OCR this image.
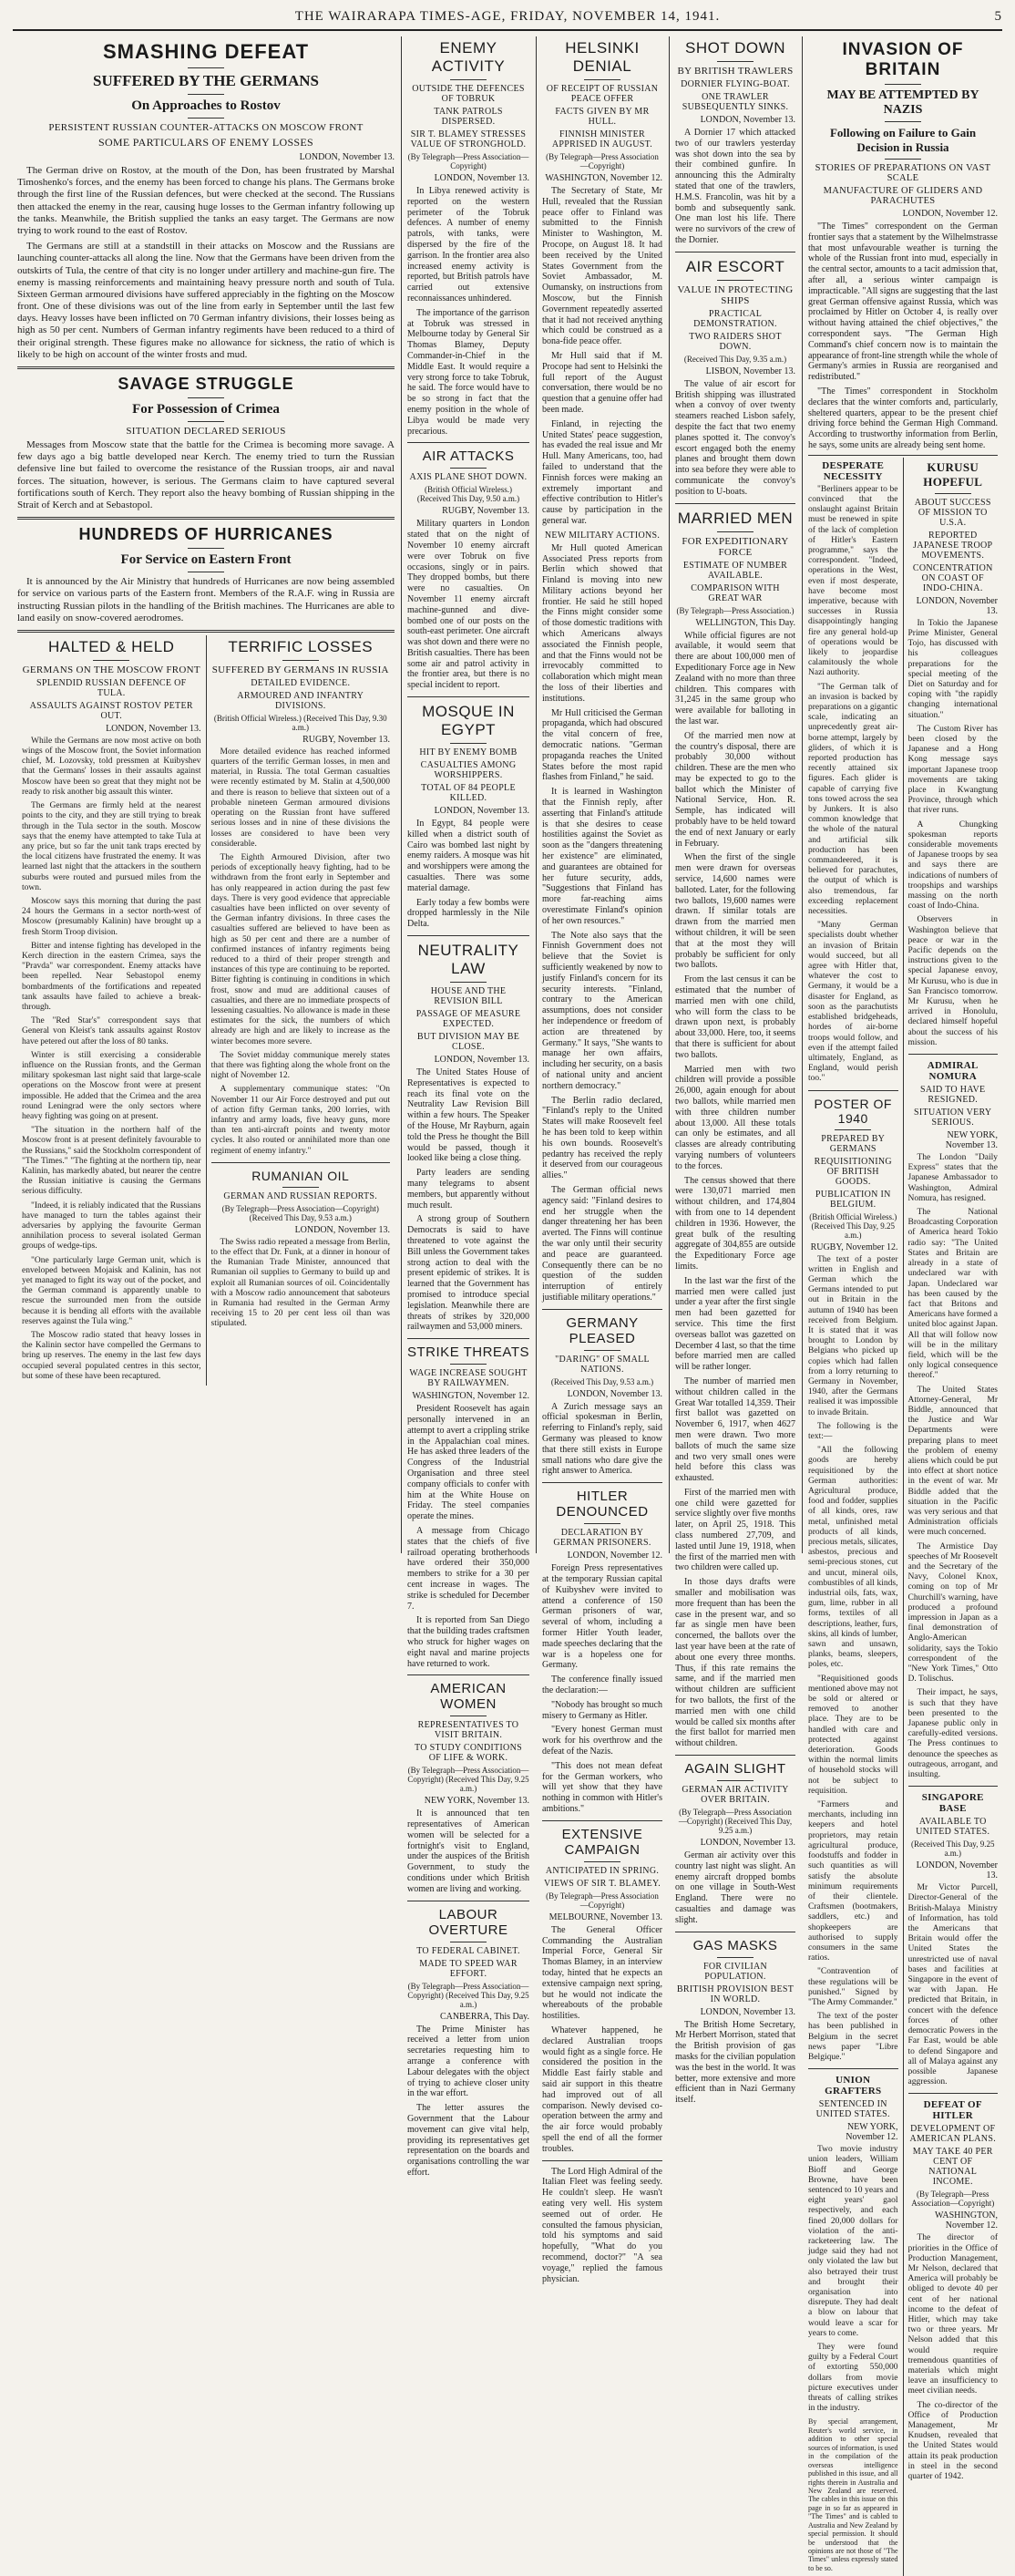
THE WAIRARAPA TIMES-AGE, FRIDAY, NOVEMBER 14, 1941.	5
SMASHING DEFEAT
SUFFERED BY THE GERMANS
On Approaches to Rostov
PERSISTENT RUSSIAN COUNTER-ATTACKS ON MOSCOW FRONT
SOME PARTICULARS OF ENEMY LOSSES
LONDON, November 13.

The German drive on Rostov, at the mouth of the Don, has been frustrated by Marshal Timoshenko's forces, and the enemy has been forced to change his plans. The Germans broke through the first line of the Russian defences, but were checked at the second. The Russians then attacked the enemy in the rear, causing huge losses to the German infantry following up the tanks. Meanwhile, the British supplied the tanks an easy target. The Germans are now trying to work round to the east of Rostov.

The Germans are still at a standstill in their attacks on Moscow and the Russians are launching counter-attacks all along the line. Now that the Germans have been driven from the outskirts of Tula, the centre of that city is no longer under artillery and machine-gun fire. The enemy is massing reinforcements and maintaining heavy pressure north and south of Tula. Sixteen German armoured divisions have suffered appreciably in the fighting on the Moscow front. One of these divisions was out of the line from early in September until the last few days. Heavy losses have been inflicted on 70 German infantry divisions, their losses being as high as 50 per cent. Numbers of German infantry regiments have been reduced to a third of their original strength. These figures make no allowance for sickness, the ratio of which is likely to be high on account of the winter frosts and mud.

SAVAGE STRUGGLE
For Possession of Crimea
SITUATION DECLARED SERIOUS

Messages from Moscow state that the battle for the Crimea is becoming more savage. A few days ago a big battle developed near Kerch. The enemy tried to turn the Russian defensive line but failed to overcome the resistance of the Russian troops, air and naval forces. The situation, however, is serious. The Germans claim to have captured several fortifications south of Kerch. They report also the heavy bombing of Russian shipping in the Strait of Kerch and at Sebastopol.

HUNDREDS OF HURRICANES
For Service on Eastern Front

It is announced by the Air Ministry that hundreds of Hurricanes are now being assembled for service on various parts of the Eastern front. Members of the R.A.F. wing in Russia are instructing Russian pilots in the handling of the British machines. The Hurricanes are able to land easily on snow-covered aerodromes.

HALTED & HELD
GERMANS ON THE MOSCOW FRONT
SPLENDID RUSSIAN DEFENCE OF TULA.
ASSAULTS AGAINST ROSTOV PETER OUT.
LONDON, November 13.

While the Germans are now most active on both wings of the Moscow front, the Soviet information chief, M. Lozovsky, told pressmen at Kuibyshev that the Germans' losses in their assaults against Moscow have been so great that they might not be ready to risk another big assault this winter.

The Germans are firmly held at the nearest points to the city, and they are still trying to break through in the Tula sector in the south. Moscow says that the enemy have attempted to take Tula at any price, but so far the unit tank traps erected by the local citizens have frustrated the enemy. It was learned last night that the attackers in the southern suburbs were routed and pursued miles from the town.

Moscow says this morning that during the past 24 hours the Germans in a sector north-west of Moscow (presumably Kalinin) have brought up a fresh Storm Troop division.

Bitter and intense fighting has developed in the Kerch direction in the eastern Crimea, says the "Pravda" war correspondent. Enemy attacks have been repelled. Near Sebastopol enemy bombardments of the fortifications and repeated tank assaults have failed to achieve a break-through.

The "Red Star's" correspondent says that General von Kleist's tank assaults against Rostov have petered out after the loss of 80 tanks.

Winter is still exercising a considerable influence on the Russian fronts, and the German military spokesman last night said that large-scale operations on the Moscow front were at present impossible. He added that the Crimea and the area round Leningrad were the only sectors where heavy fighting was going on at present.

"The situation in the northern half of the Moscow front is at present definitely favourable to the Russians," said the Stockholm correspondent of "The Times." "The fighting at the northern tip, near Kalinin, has markedly abated, but nearer the centre the Russian initiative is causing the Germans serious difficulty.

"Indeed, it is reliably indicated that the Russians have managed to turn the tables against their adversaries by applying the favourite German annihilation process to several isolated German groups of wedge-tips.

"One particularly large German unit, which is enveloped between Mojaisk and Kalinin, has not yet managed to fight its way out of the pocket, and the German command is apparently unable to rescue the surrounded men from the outside because it is bending all efforts with the available reserves against the Tula wing."

The Moscow radio stated that heavy losses in the Kalinin sector have compelled the Germans to bring up reserves. The enemy in the last few days occupied several populated centres in this sector, but some of these have been recaptured.

TERRIFIC LOSSES
SUFFERED BY GERMANS IN RUSSIA
DETAILED EVIDENCE.
ARMOURED AND INFANTRY DIVISIONS.
(British Official Wireless.) (Received This Day, 9.30 a.m.)
RUGBY, November 13.

More detailed evidence has reached informed quarters of the terrific German losses, in men and material, in Russia. The total German casualties were recently estimated by M. Stalin at 4,500,000 and there is reason to believe that sixteen out of a probable nineteen German armoured divisions operating on the Russian front have suffered serious losses and in nine of these divisions the losses are considered to have been very considerable.

The Eighth Armoured Division, after two periods of exceptionally heavy fighting, had to be withdrawn from the front early in September and has only reappeared in action during the past few days. There is very good evidence that appreciable casualties have been inflicted on over seventy of the German infantry divisions. In three cases the casualties suffered are believed to have been as high as 50 per cent and there are a number of confirmed instances of infantry regiments being reduced to a third of their proper strength and instances of this type are continuing to be reported. Bitter fighting is continuing in conditions in which frost, snow and mud are additional causes of casualties, and there are no immediate prospects of lessening casualties. No allowance is made in these estimates for the sick, the numbers of which already are high and are likely to increase as the winter becomes more severe.

The Soviet midday communique merely states that there was fighting along the whole front on the night of November 12.

A supplementary communique states: "On November 11 our Air Force destroyed and put out of action fifty German tanks, 200 lorries, with infantry and army loads, five heavy guns, more than ten anti-aircraft points and twenty motor cycles. It also routed or annihilated more than one regiment of enemy infantry."

RUMANIAN OIL
GERMAN AND RUSSIAN REPORTS.
(By Telegraph—Press Association—Copyright) (Received This Day, 9.53 a.m.)
LONDON, November 13.

The Swiss radio repeated a message from Berlin, to the effect that Dr. Funk, at a dinner in honour of the Rumanian Trade Minister, announced that Rumanian oil supplies to Germany to build up and exploit all Rumanian sources of oil. Coincidentally with a Moscow radio announcement that saboteurs in Rumania had resulted in the German Army receiving 15 to 20 per cent less oil than was stipulated.

ENEMY ACTIVITY
OUTSIDE THE DEFENCES OF TOBRUK
TANK PATROLS DISPERSED.
SIR T. BLAMEY STRESSES VALUE OF STRONGHOLD.
(By Telegraph—Press Association—Copyright)
LONDON, November 13.

In Libya renewed activity is reported on the western perimeter of the Tobruk defences. A number of enemy patrols, with tanks, were dispersed by the fire of the garrison. In the frontier area also increased enemy activity is reported, but British patrols have carried out extensive reconnaissances unhindered.

The importance of the garrison at Tobruk was stressed in Melbourne today by General Sir Thomas Blamey, Deputy Commander-in-Chief in the Middle East. It would require a very strong force to take Tobruk, he said. The force would have to be so strong in fact that the enemy position in the whole of Libya would be made very precarious.

AIR ATTACKS
AXIS PLANE SHOT DOWN.
(British Official Wireless.) (Received This Day, 9.50 a.m.)
RUGBY, November 13.

Military quarters in London stated that on the night of November 10 enemy aircraft were over Tobruk on five occasions, singly or in pairs. They dropped bombs, but there were no casualties. On November 11 enemy aircraft machine-gunned and dive-bombed one of our posts on the south-east perimeter. One aircraft was shot down and there were no British casualties. There has been some air and patrol activity in the frontier area, but there is no special incident to report.

MOSQUE IN EGYPT
HIT BY ENEMY BOMB
CASUALTIES AMONG WORSHIPPERS.
TOTAL OF 84 PEOPLE KILLED.
LONDON, November 13.

In Egypt, 84 people were killed when a district south of Cairo was bombed last night by enemy raiders. A mosque was hit and worshippers were among the casualties. There was some material damage.

Early today a few bombs were dropped harmlessly in the Nile Delta.

NEUTRALITY LAW
HOUSE AND THE REVISION BILL
PASSAGE OF MEASURE EXPECTED.
BUT DIVISION MAY BE CLOSE.
LONDON, November 13.

The United States House of Representatives is expected to reach its final vote on the Neutrality Law Revision Bill within a few hours. The Speaker of the House, Mr Rayburn, again told the Press he thought the Bill would be passed, though it looked like being a close thing.

Party leaders are sending many telegrams to absent members, but apparently without much result.

A strong group of Southern Democrats is said to have threatened to vote against the Bill unless the Government takes strong action to deal with the present epidemic of strikes. It is learned that the Government has promised to introduce special legislation. Meanwhile there are threats of strikes by 320,000 railwaymen and 53,000 miners.

STRIKE THREATS
WAGE INCREASE SOUGHT BY RAILWAYMEN.
WASHINGTON, November 12.

President Roosevelt has again personally intervened in an attempt to avert a crippling strike in the Appalachian coal mines. He has asked three leaders of the Congress of the Industrial Organisation and three steel company officials to confer with him at the White House on Friday. The steel companies operate the mines.

A message from Chicago states that the chiefs of five railroad operating brotherhoods have ordered their 350,000 members to strike for a 30 per cent increase in wages. The strike is scheduled for December 7.

It is reported from San Diego that the building trades craftsmen who struck for higher wages on eight naval and marine projects have returned to work.

AMERICAN WOMEN
REPRESENTATIVES TO VISIT BRITAIN.
TO STUDY CONDITIONS OF LIFE & WORK.
(By Telegraph—Press Association—Copyright) (Received This Day, 9.25 a.m.)
NEW YORK, November 13.

It is announced that ten representatives of American women will be selected for a fortnight's visit to England, under the auspices of the British Government, to study the conditions under which British women are living and working.

LABOUR OVERTURE
TO FEDERAL CABINET.
MADE TO SPEED WAR EFFORT.
(By Telegraph—Press Association—Copyright) (Received This Day, 9.25 a.m.)
CANBERRA, This Day.

The Prime Minister has received a letter from union secretaries requesting him to arrange a conference with Labour delegates with the object of trying to achieve closer unity in the war effort.

The letter assures the Government that the Labour movement can give vital help, providing its representatives get representation on the boards and organisations controlling the war effort.

HELSINKI DENIAL
OF RECEIPT OF RUSSIAN PEACE OFFER
FACTS GIVEN BY MR HULL.
FINNISH MINISTER APPRISED IN AUGUST.
(By Telegraph—Press Association—Copyright)
WASHINGTON, November 12.

The Secretary of State, Mr Hull, revealed that the Russian peace offer to Finland was submitted to the Finnish Minister to Washington, M. Procope, on August 18. It had been received by the United States Government from the Soviet Ambassador, M. Oumansky, on instructions from Moscow, but the Finnish Government repeatedly asserted that it had not received anything which could be construed as a bona-fide peace offer.

Mr Hull said that if M. Procope had sent to Helsinki the full report of the August conversation, there would be no question that a genuine offer had been made.

Finland, in rejecting the United States' peace suggestion, has evaded the real issue and Mr Hull. Many Americans, too, had failed to understand that the Finnish forces were making an extremely important and effective contribution to Hitler's cause by participation in the general war.

NEW MILITARY ACTIONS.

Mr Hull quoted American Associated Press reports from Berlin which showed that Finland is moving into new Military actions beyond her frontier. He said he still hoped the Finns might consider some of those domestic traditions with which Americans always associated the Finnish people, and that the Finns would not be irrevocably committed to collaboration which might mean the loss of their liberties and institutions.

Mr Hull criticised the German propaganda, which had obscured the vital concern of free, democratic nations. "German propaganda reaches the United States before the most rapid flashes from Finland," he said.

It is learned in Washington that the Finnish reply, after asserting that Finland's attitude is that she desires to cease hostilities against the Soviet as soon as the "dangers threatening her existence" are eliminated, and guarantees are obtained for her future security, adds, "Suggestions that Finland has more far-reaching aims overestimate Finland's opinion of her own resources."

The Note also says that the Finnish Government does not believe that the Soviet is sufficiently weakened by now to justify Finland's concern for its security interests. "Finland, contrary to the American assumptions, does not consider her independence or freedom of action are threatened by Germany." It says, "She wants to manage her own affairs, including her security, on a basis of national unity and ancient northern democracy."

The Berlin radio declared, "Finland's reply to the United States will make Roosevelt feel he has been told to keep within his own bounds. Roosevelt's pedantry has received the reply it deserved from our courageous allies."

The German official news agency said: "Finland desires to end her struggle when the danger threatening her has been averted. The Finns will continue the war only until their security and peace are guaranteed. Consequently there can be no question of the sudden interruption of entirely justifiable military operations."

GERMANY PLEASED
"DARING" OF SMALL NATIONS.
(Received This Day, 9.53 a.m.)
LONDON, November 13.

A Zurich message says an official spokesman in Berlin, referring to Finland's reply, said Germany was pleased to know that there still exists in Europe small nations who dare give the right answer to America.

HITLER DENOUNCED
DECLARATION BY GERMAN PRISONERS.
LONDON, November 12.

Foreign Press representatives at the temporary Russian capital of Kuibyshev were invited to attend a conference of 150 German prisoners of war, several of whom, including a former Hitler Youth leader, made speeches declaring that the war is a hopeless one for Germany.

The conference finally issued the declaration:—

"Nobody has brought so much misery to Germany as Hitler.

"Every honest German must work for his overthrow and the defeat of the Nazis.

"This does not mean defeat for the German workers, who will yet show that they have nothing in common with Hitler's ambitions."

EXTENSIVE CAMPAIGN
ANTICIPATED IN SPRING.
VIEWS OF SIR T. BLAMEY.
(By Telegraph—Press Association—Copyright)
MELBOURNE, November 13.

The General Officer Commanding the Australian Imperial Force, General Sir Thomas Blamey, in an interview today, hinted that he expects an extensive campaign next spring, but he would not indicate the whereabouts of the probable hostilities.

Whatever happened, he declared Australian troops would fight as a single force. He considered the position in the Middle East fairly stable and said air support in this theatre had improved out of all comparison. Newly devised co-operation between the army and the air force would probably spell the end of all the former troubles.

The Lord High Admiral of the Italian Fleet was feeling seedy. He couldn't sleep. He wasn't eating very well. His system seemed out of order. He consulted the famous physician, told his symptoms and said hopefully, "What do you recommend, doctor?" "A sea voyage," replied the famous physician.

SHOT DOWN
BY BRITISH TRAWLERS
DORNIER FLYING-BOAT.
ONE TRAWLER SUBSEQUENTLY SINKS.
LONDON, November 13.

A Dornier 17 which attacked two of our trawlers yesterday was shot down into the sea by their combined gunfire. In announcing this the Admiralty stated that one of the trawlers, H.M.S. Francolin, was hit by a bomb and subsequently sank. One man lost his life. There were no survivors of the crew of the Dornier.

AIR ESCORT
VALUE IN PROTECTING SHIPS
PRACTICAL DEMONSTRATION.
TWO RAIDERS SHOT DOWN.
(Received This Day, 9.35 a.m.)
LISBON, November 13.

The value of air escort for British shipping was illustrated when a convoy of over twenty steamers reached Lisbon safely, despite the fact that two enemy planes spotted it. The convoy's escort engaged both the enemy planes and brought them down into sea before they were able to communicate the convoy's position to U-boats.

MARRIED MEN
FOR EXPEDITIONARY FORCE
ESTIMATE OF NUMBER AVAILABLE.
COMPARISON WITH GREAT WAR
(By Telegraph—Press Association.)
WELLINGTON, This Day.

While official figures are not available, it would seem that there are about 100,000 men of Expeditionary Force age in New Zealand with no more than three children. This compares with 31,245 in the same group who were available for balloting in the last war.

Of the married men now at the country's disposal, there are probably 30,000 without children. These are the men who may be expected to go to the ballot which the Minister of National Service, Hon. R. Semple, has indicated will probably have to be held toward the end of next January or early in February.

When the first of the single men were drawn for overseas service, 14,600 names were balloted. Later, for the following two ballots, 19,600 names were drawn. If similar totals are drawn from the married men without children, it will be seen that at the most they will probably be sufficient for only two ballots.

From the last census it can be estimated that the number of married men with one child, who will form the class to be drawn upon next, is probably about 33,000. Here, too, it seems that there is sufficient for about two ballots.

Married men with two children will provide a possible 26,000, again enough for about two ballots, while married men with three children number about 13,000. All these totals can only be estimates, and all classes are already contributing varying numbers of volunteers to the forces.

The census showed that there were 130,071 married men without children, and 174,804 with from one to 14 dependent children in 1936. However, the great bulk of the resulting aggregate of 304,855 are outside the Expeditionary Force age limits.

In the last war the first of the married men were called just under a year after the first single men had been gazetted for service. This time the first overseas ballot was gazetted on December 4 last, so that the time before married men are called will be rather longer.

The number of married men without children called in the Great War totalled 14,359. Their first ballot was gazetted on November 6, 1917, when 4627 men were drawn. Two more ballots of much the same size and two very small ones were held before this class was exhausted.

First of the married men with one child were gazetted for service slightly over five months later, on April 25, 1918. This class numbered 27,709, and lasted until June 19, 1918, when the first of the married men with two children were called up.

In those days drafts were smaller and mobilisation was more frequent than has been the case in the present war, and so far as single men have been concerned, the ballots over the last year have been at the rate of about one every three months. Thus, if this rate remains the same, and if the married men without children are sufficient for two ballots, the first of the married men with one child would be called six months after the first ballot for married men without children.

AGAIN SLIGHT
GERMAN AIR ACTIVITY OVER BRITAIN.
(By Telegraph—Press Association—Copyright) (Received This Day, 9.25 a.m.)
LONDON, November 13.

German air activity over this country last night was slight. An enemy aircraft dropped bombs on one village in South-West England. There were no casualties and damage was slight.

GAS MASKS
FOR CIVILIAN POPULATION.
BRITISH PROVISION BEST IN WORLD.
LONDON, November 13.

The British Home Secretary, Mr Herbert Morrison, stated that the British provision of gas masks for the civilian population was the best in the world. It was better, more extensive and more efficient than in Nazi Germany itself.

INVASION OF BRITAIN
MAY BE ATTEMPTED BY NAZIS
Following on Failure to Gain Decision in Russia
STORIES OF PREPARATIONS ON VAST SCALE
MANUFACTURE OF GLIDERS AND PARACHUTES
LONDON, November 12.

"The Times" correspondent on the German frontier says that a statement by the Wilhelmstrasse that most unfavourable weather is turning the whole of the Russian front into mud, especially in the central sector, amounts to a tacit admission that, after all, a serious winter campaign is impracticable. "All signs are suggesting that the last great German offensive against Russia, which was proclaimed by Hitler on October 4, is really over without having attained the chief objectives," the correspondent says. "The German High Command's chief concern now is to maintain the appearance of front-line strength while the whole of Germany's armies in Russia are reorganised and redistributed."

"The Times" correspondent in Stockholm declares that the winter comforts and, particularly, sheltered quarters, appear to be the present chief driving force behind the German High Command. According to trustworthy information from Berlin, he says, some units are already being sent home.

DESPERATE NECESSITY

"Berliners appear to be convinced that the onslaught against Britain must be renewed in spite of the lack of completion of Hitler's Eastern programme," says the correspondent. "Indeed, operations in the West, even if most desperate, have become most imperative, because with successes in Russia disappointingly hanging fire any general hold-up of operations would be likely to jeopardise calamitously the whole Nazi authority.

"The German talk of an invasion is backed by preparations on a gigantic scale, indicating an unprecedently great air-borne attempt, largely by gliders, of which it is reported production has recently attained six figures. Each glider is capable of carrying five tons towed across the sea by Junkers. It is also common knowledge that the whole of the natural and artificial silk production has been commandeered, it is believed for parachutes, the output of which is also tremendous, far exceeding replacement necessities.

"Many German specialists doubt whether an invasion of Britain would succeed, but all agree with Hitler that, whatever the cost to Germany, it would be a disaster for England, as soon as the parachutists established bridgeheads, hordes of air-borne troops would follow, and even if the attempt failed ultimately, England, as England, would perish too."

POSTER OF 1940
PREPARED BY GERMANS
REQUISITIONING OF BRITISH GOODS.
PUBLICATION IN BELGIUM.
(British Official Wireless.) (Received This Day, 9.25 a.m.)
RUGBY, November 12.

The text of a poster written in English and German which the Germans intended to put out in Britain in the autumn of 1940 has been received from Belgium. It is stated that it was brought to London by Belgians who picked up copies which had fallen from a lorry returning to Germany in November, 1940, after the Germans realised it was impossible to invade Britain.

The following is the text:—

"All the following goods are hereby requisitioned by the German authorities: Agricultural produce, food and fodder, supplies of all kinds, ores, raw metal, unfinished metal products of all kinds, precious metals, silicates, asbestos, precious and semi-precious stones, cut and uncut, mineral oils, combustibles of all kinds, industrial oils, fats, wax, gum, lime, rubber in all forms, textiles of all descriptions, leather, furs, skins, all kinds of lumber, sawn and unsawn, planks, beams, sleepers, poles, etc.

"Requisitioned goods mentioned above may not be sold or altered or removed to another place. They are to be handled with care and protected against deterioration. Goods within the normal limits of household stocks will not be subject to requisition.

"Farmers and merchants, including inn keepers and hotel proprietors, may retain agricultural produce, foodstuffs and fodder in such quantities as will satisfy the absolute minimum requirements of their clientele. Craftsmen (bootmakers, saddlers, etc.) and shopkeepers are authorised to supply consumers in the same ratios.

"Contravention of these regulations will be punished." Signed by "The Army Commander."

The text of the poster has been published in Belgium in the secret news paper "Libre Belgique."

UNION GRAFTERS
SENTENCED IN UNITED STATES.
NEW YORK, November 12.

Two movie industry union leaders, William Bioff and George Browne, have been sentenced to 10 years and eight years' gaol respectively, and each fined 20,000 dollars for violation of the anti-racketeering law. The judge said they had not only violated the law but also betrayed their trust and brought their organisation into disrepute. They had dealt a blow on labour that would leave a scar for years to come.

They were found guilty by a Federal Court of extorting 550,000 dollars from movie picture executives under threats of calling strikes in the industry.

By special arrangement, Reuter's world service, in addition to other special sources of information, is used in the compilation of the overseas intelligence published in this issue, and all rights therein in Australia and New Zealand are reserved. The cables in this issue on this page in so far as appeared in "The Times" and is cabled to Australia and New Zealand by special permission. It should be understood that the opinions are not those of "The Times" unless expressly stated to be so.

KURUSU HOPEFUL
ABOUT SUCCESS OF MISSION TO U.S.A.
REPORTED JAPANESE TROOP MOVEMENTS.
CONCENTRATION ON COAST OF INDO-CHINA.
LONDON, November 13.

In Tokio the Japanese Prime Minister, General Tojo, has discussed with his colleagues preparations for the special meeting of the Diet on Saturday and for coping with "the rapidly changing international situation."

The Custom River has been closed by the Japanese and a Hong Kong message says important Japanese troop movements are taking place in Kwangtung Province, through which that river runs.

A Chungking spokesman reports considerable movements of Japanese troops by sea and says there are indications of numbers of troopships and warships massing on the north coast of Indo-China.

Observers in Washington believe that peace or war in the Pacific depends on the instructions given to the special Japanese envoy, Mr Kurusu, who is due in San Francisco tomorrow. Mr Kurusu, when he arrived in Honolulu, declared himself hopeful about the success of his mission.

ADMIRAL NOMURA
SAID TO HAVE RESIGNED.
SITUATION VERY SERIOUS.
NEW YORK, November 13.

The London "Daily Express" states that the Japanese Ambassador to Washington, Admiral Nomura, has resigned.

The National Broadcasting Corporation of America heard Tokio radio say: "The United States and Britain are already in a state of undeclared war with Japan. Undeclared war has been caused by the fact that Britons and Americans have formed a united bloc against Japan. All that will follow now will be in the military field, which will be the only logical consequence thereof."

The United States Attorney-General, Mr Biddle, announced that the Justice and War Departments were preparing plans to meet the problem of enemy aliens which could be put into effect at short notice in the event of war. Mr Biddle added that the situation in the Pacific was very serious and that Administration officials were much concerned.

The Armistice Day speeches of Mr Roosevelt and the Secretary of the Navy, Colonel Knox, coming on top of Mr Churchill's warning, have produced a profound impression in Japan as a final demonstration of Anglo-American solidarity, says the Tokio correspondent of the "New York Times," Otto D. Tolischus.

Their impact, he says, is such that they have been presented to the Japanese public only in carefully-edited versions. The Press continues to denounce the speeches as outrageous, arrogant, and insulting.

SINGAPORE BASE
AVAILABLE TO UNITED STATES.
(Received This Day, 9.25 a.m.)
LONDON, November 13.

Mr Victor Purcell, Director-General of the British-Malaya Ministry of Information, has told the Americans that Britain would offer the United States the unrestricted use of naval bases and facilities at Singapore in the event of war with Japan. He predicted that Britain, in concert with the defence forces of other democratic Powers in the Far East, would be able to defend Singapore and all of Malaya against any possible Japanese aggression.

DEFEAT OF HITLER
DEVELOPMENT OF AMERICAN PLANS.
MAY TAKE 40 PER CENT OF NATIONAL INCOME.
(By Telegraph—Press Association—Copyright)
WASHINGTON, November 12.

The director of priorities in the Office of Production Management, Mr Nelson, declared that America will probably be obliged to devote 40 per cent of her national income to the defeat of Hitler, which may take two or three years. Mr Nelson added that this would require tremendous quantities of materials which might leave an insufficiency to meet civilian needs.

The co-director of the Office of Production Management, Mr Knudsen, revealed that the United States would attain its peak production in steel in the second quarter of 1942.
